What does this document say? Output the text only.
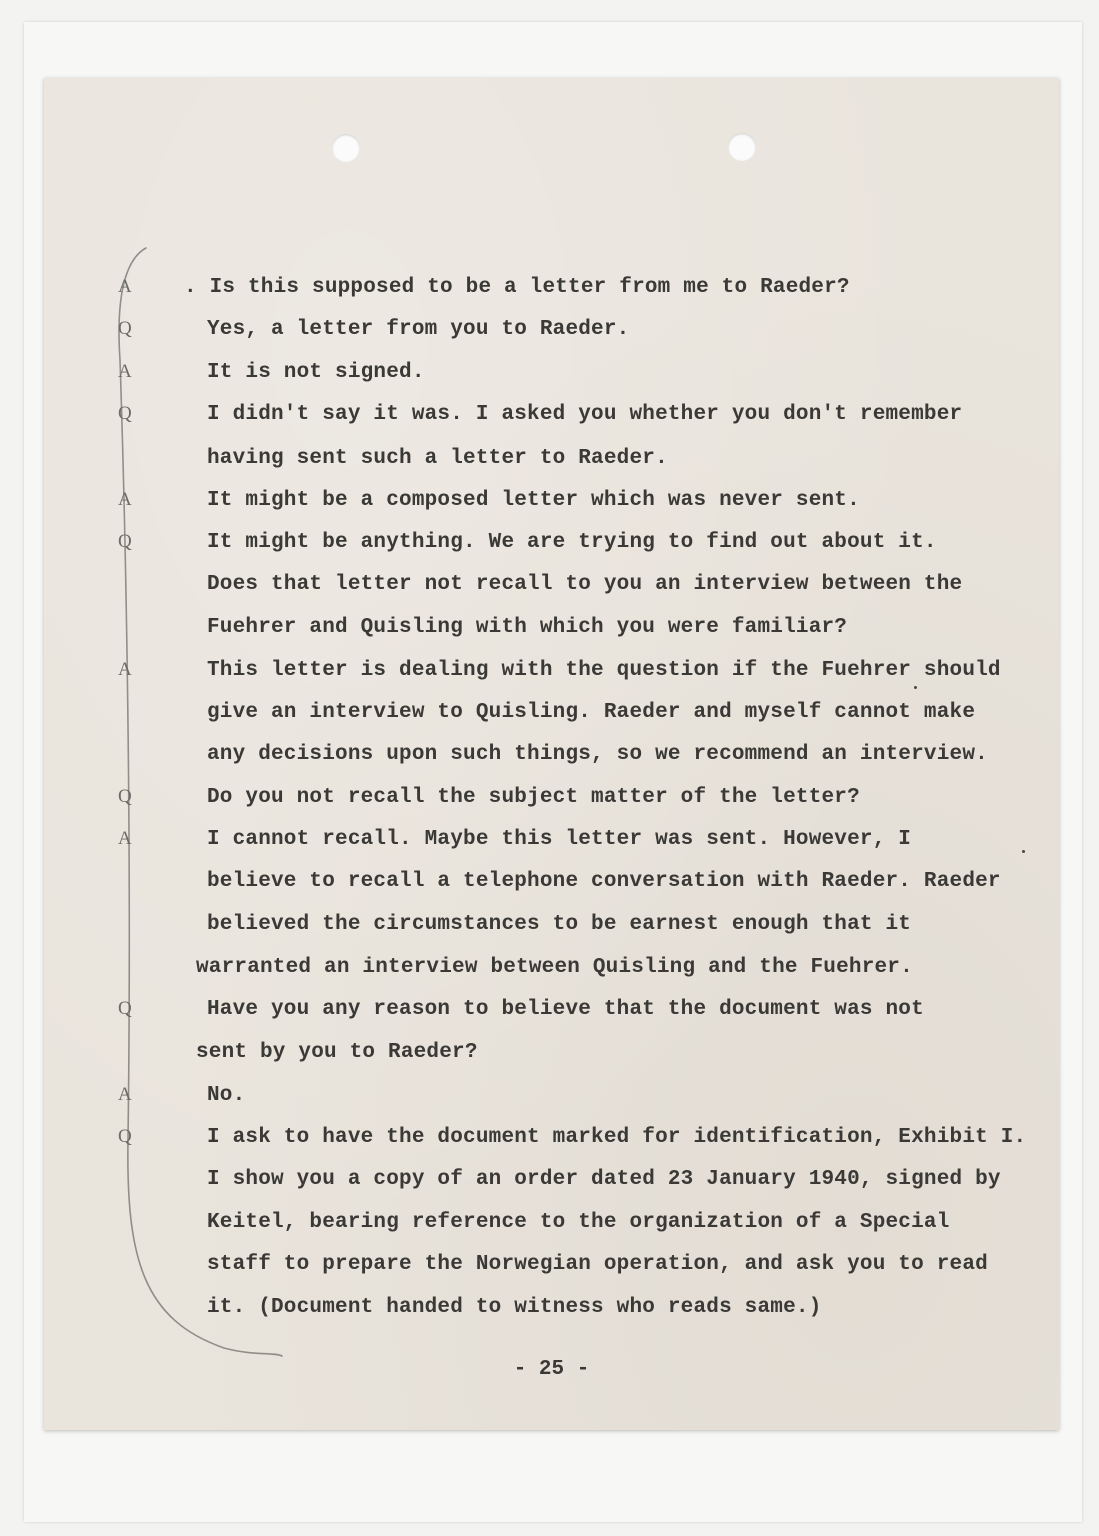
A . Is this supposed to be a letter from me to Raeder?
Q	Yes, a letter from you to Raeder.
A	It is not signed.
Q	I didn't say it was. I asked you whether you don't remember
having sent such a letter to Raeder.
A	It might be a composed letter which was never sent.
Q	It might be anything. We are trying to find out about it.
Does that letter not recall to you an interview between the
Fuehrer and Quisling with which you were familiar?
A	This letter is dealing with the question if the Fuehrer should
give an interview to Quisling. Raeder and myself cannot make
any decisions upon such things, so we recommend an interview.
Q	Do you not recall the subject matter of the letter?
A	I cannot recall. Maybe this letter was sent. However, I
believe to recall a telephone conversation with Raeder. Raeder
believed the circumstances to be earnest enough that it
warranted an interview between Quisling and the Fuehrer.
Q	Have you any reason to believe that the document was not
sent by you to Raeder?
A	No.
Q	I ask to have the document marked for identification, Exhibit I.
I show you a copy of an order dated 23 January 1940, signed by
Keitel, bearing reference to the organization of a Special
staff to prepare the Norwegian operation, and ask you to read
it. (Document handed to witness who reads same.)
- 25 -
